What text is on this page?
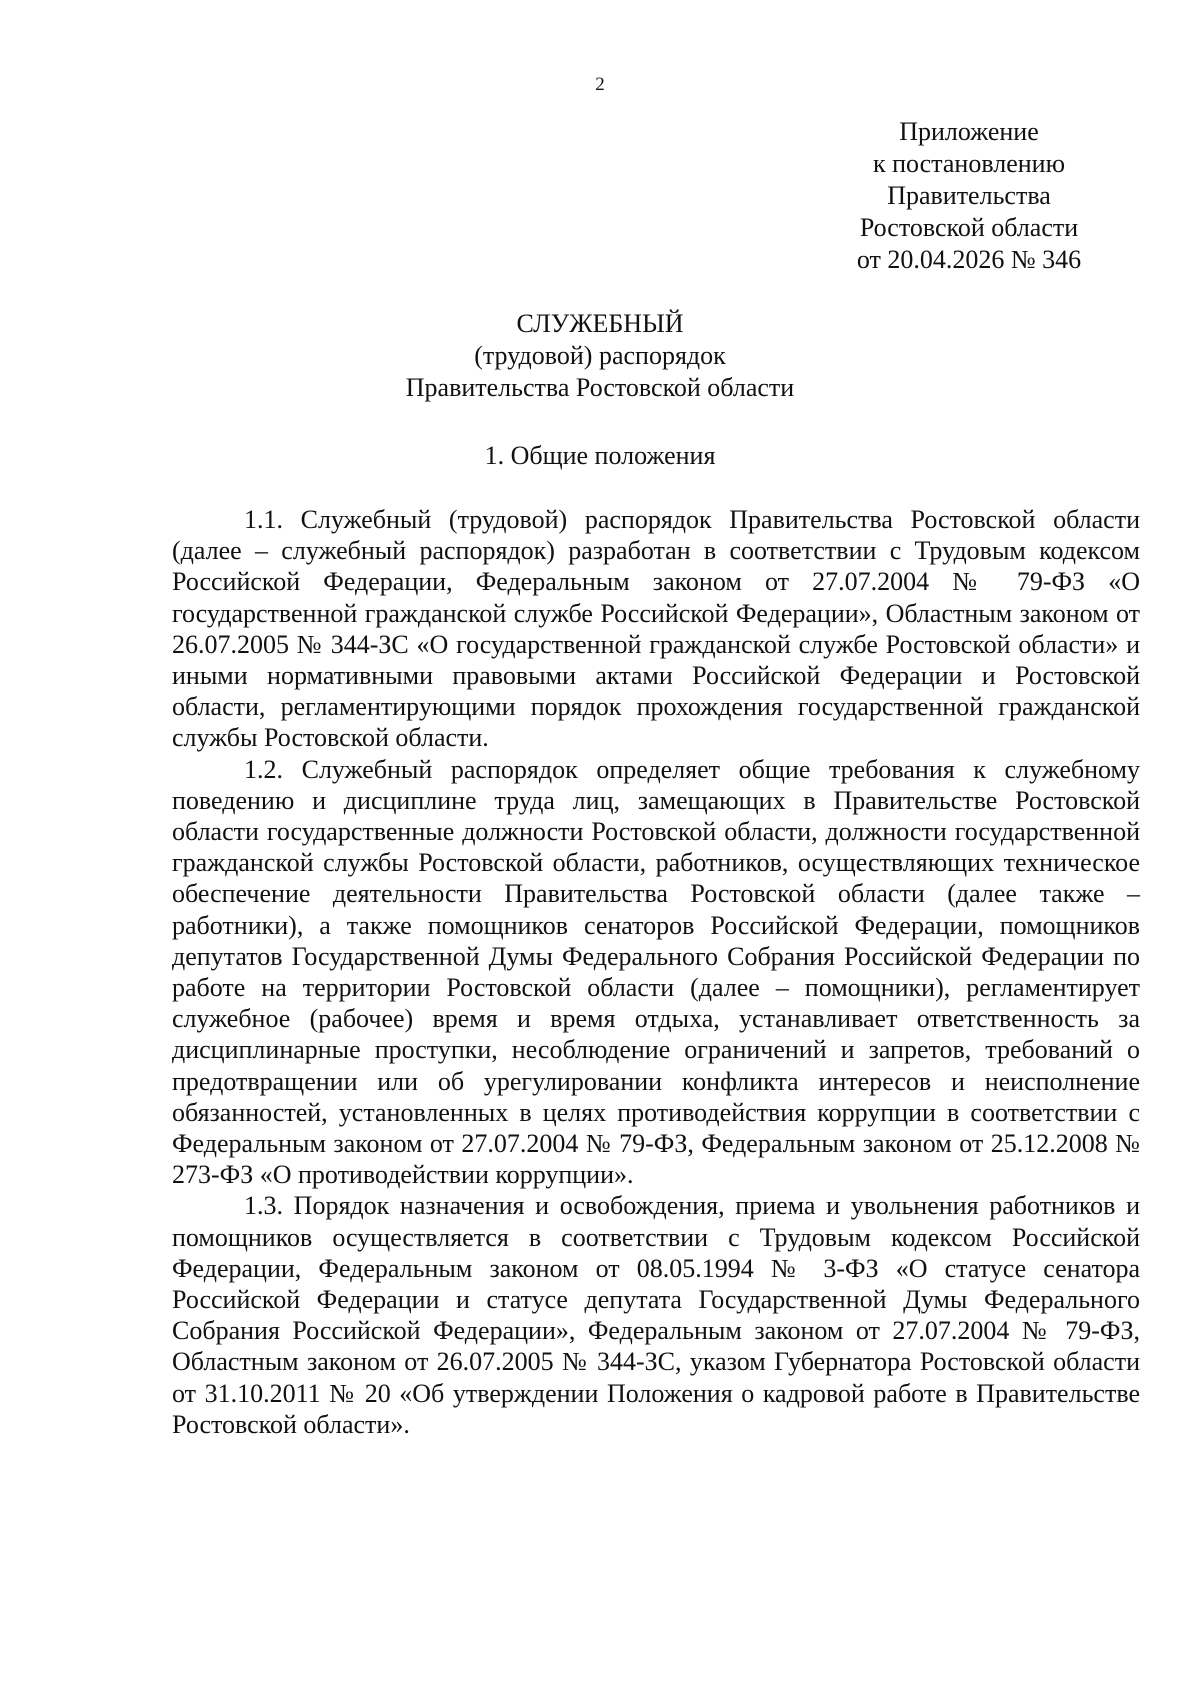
2
Приложение
к постановлению
Правительства
Ростовской области
от 20.04.2026 № 346
СЛУЖЕБНЫЙ
(трудовой) распорядок
Правительства Ростовской области
1. Общие положения

1.1. Служебный (трудовой) распорядок Правительства Ростовской области (далее – служебный распорядок) разработан в соответствии с Трудовым кодексом Российской Федерации, Федеральным законом от 27.07.2004 № 79-ФЗ «О государственной гражданской службе Российской Федерации», Областным законом от 26.07.2005 № 344-ЗС «О государственной гражданской службе Ростовской области» и иными нормативными правовыми актами Российской Федерации и Ростовской области, регламентирующими порядок прохождения государственной гражданской службы Ростовской области.

1.2. Служебный распорядок определяет общие требования к служебному поведению и дисциплине труда лиц, замещающих в Правительстве Ростовской области государственные должности Ростовской области, должности государственной гражданской службы Ростовской области, работников, осуществляющих техническое обеспечение деятельности Правительства Ростовской области (далее также – работники), а также помощников сенаторов Российской Федерации, помощников депутатов Государственной Думы Федерального Собрания Российской Федерации по работе на территории Ростовской области (далее – помощники), регламентирует служебное (рабочее) время и время отдыха, устанавливает ответственность за дисциплинарные проступки, несоблюдение ограничений и запретов, требований о предотвращении или об урегулировании конфликта интересов и неисполнение обязанностей, установленных в целях противодействия коррупции в соответствии с Федеральным законом от 27.07.2004 № 79-ФЗ, Федеральным законом от 25.12.2008 № 273-ФЗ «О противодействии коррупции».

1.3. Порядок назначения и освобождения, приема и увольнения работников и помощников осуществляется в соответствии с Трудовым кодексом Российской Федерации, Федеральным законом от 08.05.1994 № 3-ФЗ «О статусе сенатора Российской Федерации и статусе депутата Государственной Думы Федерального Собрания Российской Федерации», Федеральным законом от 27.07.2004 № 79-ФЗ, Областным законом от 26.07.2005 № 344-ЗС, указом Губернатора Ростовской области от 31.10.2011 № 20 «Об утверждении Положения о кадровой работе в Правительстве Ростовской области».
